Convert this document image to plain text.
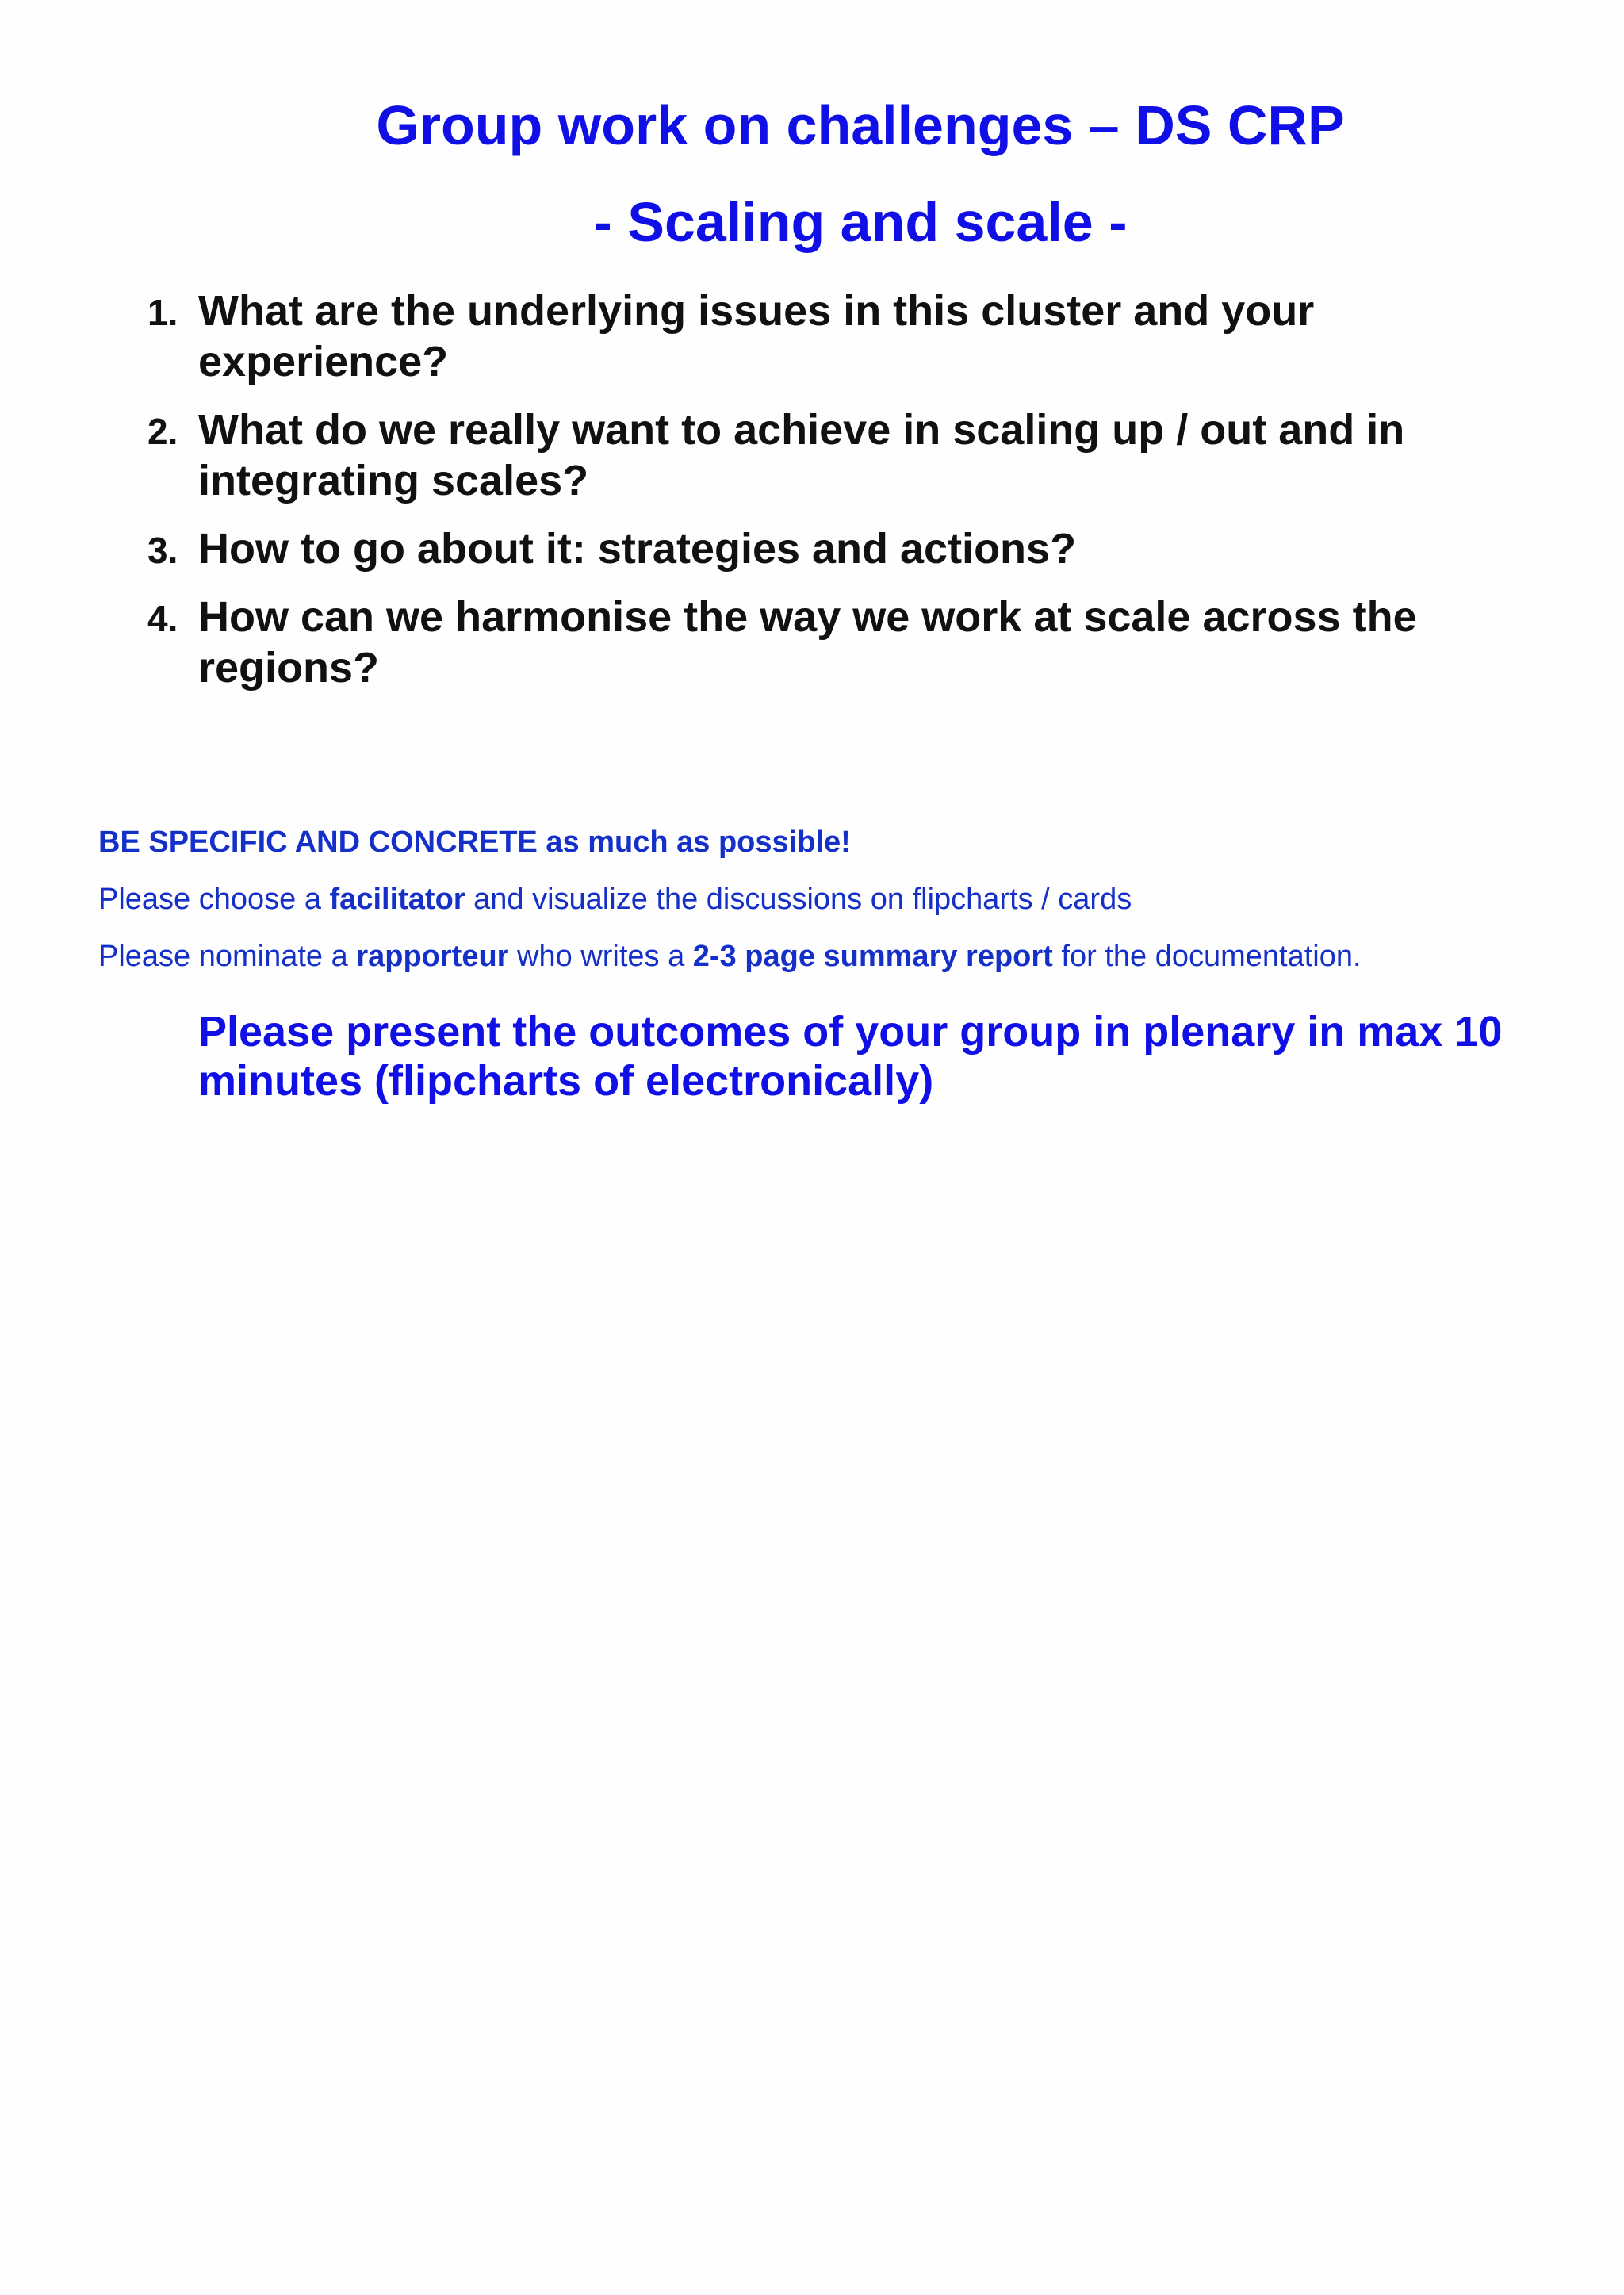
Group work on challenges – DS CRP
- Scaling and scale -
1. What are the underlying issues in this cluster and your experience?
2. What do we really want to achieve in scaling up / out and in integrating scales?
3. How to go about it: strategies and actions?
4. How can we harmonise the way we work at scale across the regions?
BE SPECIFIC AND CONCRETE as much as possible!
Please choose a facilitator and visualize the discussions on flipcharts / cards
Please nominate a rapporteur who writes a 2-3 page summary report for the documentation.
Please present the outcomes of your group in plenary in max 10 minutes (flipcharts of electronically)
